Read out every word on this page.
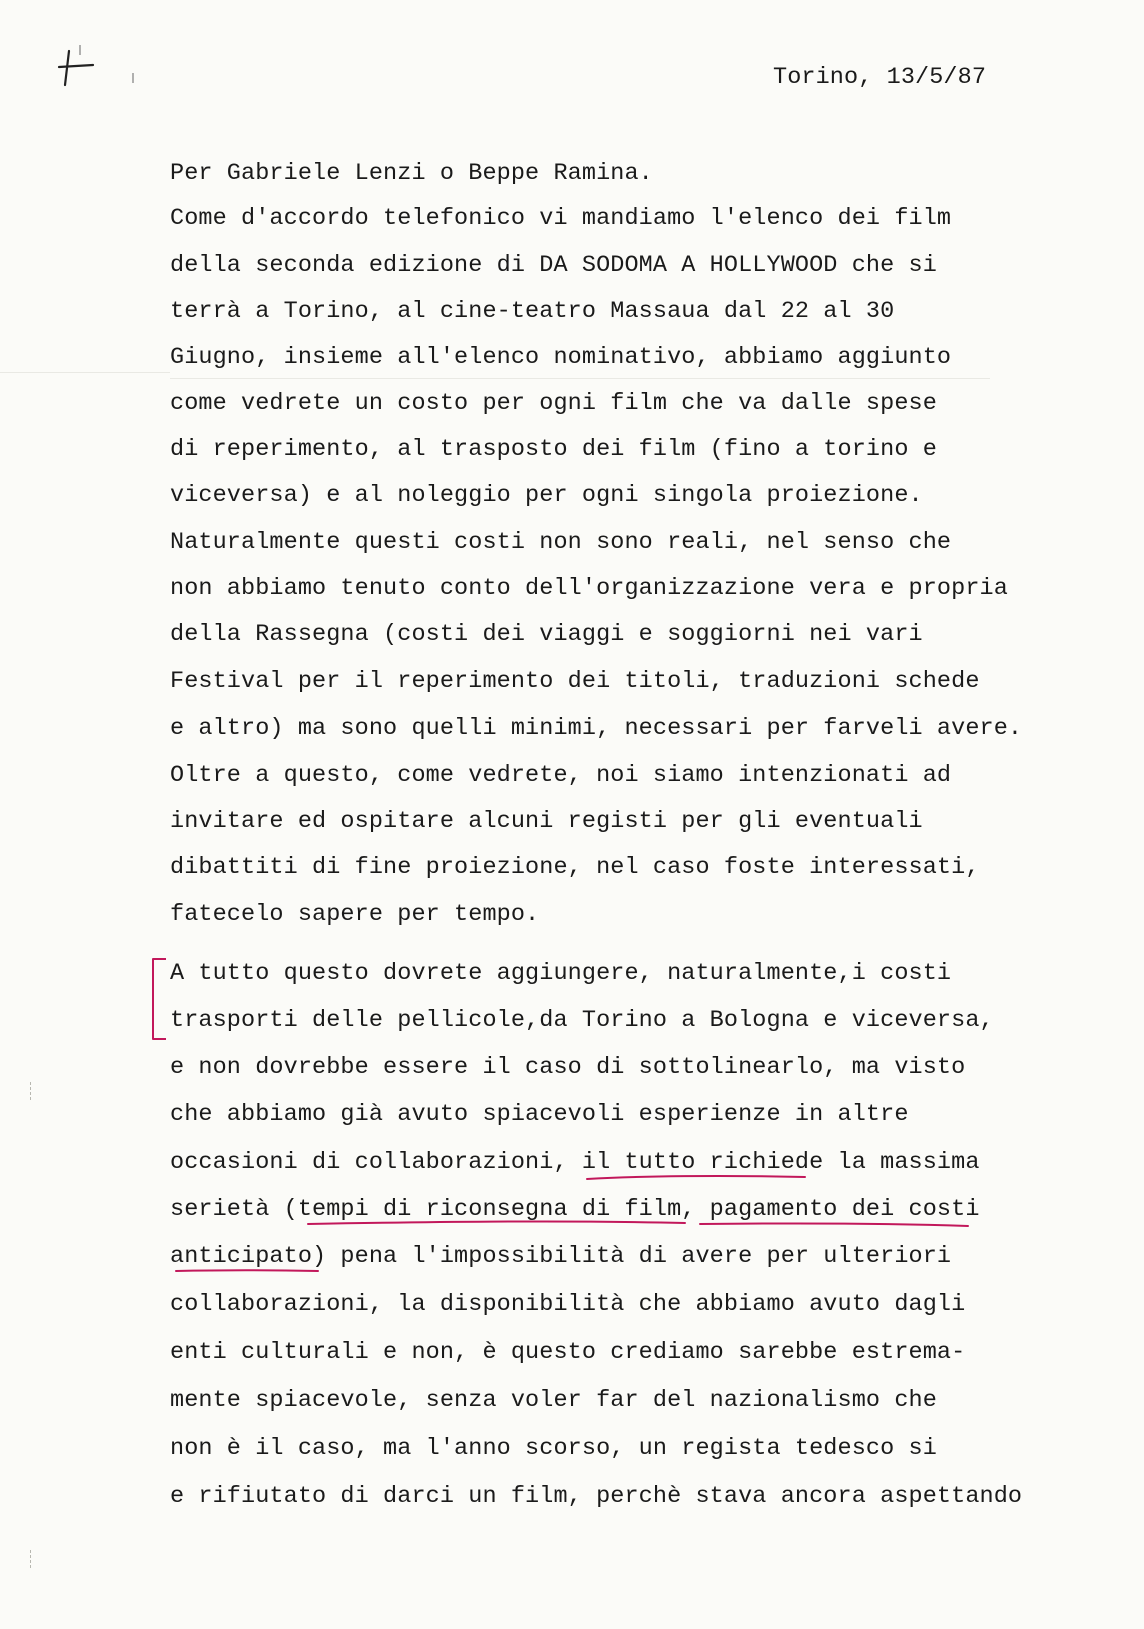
Torino, 13/5/87
Per Gabriele Lenzi o Beppe Ramina.
Come d'accordo telefonico vi mandiamo l'elenco dei film
della seconda edizione di DA SODOMA A HOLLYWOOD che si
terrà a Torino, al cine-teatro Massaua dal 22 al 30
Giugno, insieme all'elenco nominativo, abbiamo aggiunto
come vedrete un costo per ogni film che va dalle spese
di reperimento, al trasposto dei film (fino a torino e
viceversa) e al noleggio per ogni singola proiezione.
Naturalmente questi costi non sono reali, nel senso che
non abbiamo tenuto conto dell'organizzazione vera e propria
della Rassegna (costi dei viaggi e soggiorni nei vari
Festival per il reperimento dei titoli, traduzioni schede
e altro) ma sono quelli minimi, necessari per farveli avere.
Oltre a questo, come vedrete, noi siamo intenzionati ad
invitare ed ospitare alcuni registi per gli eventuali
dibattiti di fine proiezione, nel caso foste interessati,
fatecelo sapere per tempo.
A tutto questo dovrete aggiungere, naturalmente,i costi
trasporti delle pellicole,da Torino a Bologna e viceversa,
e non dovrebbe essere il caso di sottolinearlo, ma visto
che abbiamo già avuto spiacevoli esperienze in altre
occasioni di collaborazioni, il tutto richiede la massima
serietà (tempi di riconsegna di film, pagamento dei costi
anticipato) pena l'impossibilità di avere per ulteriori
collaborazioni, la disponibilità che abbiamo avuto dagli
enti culturali e non, è questo crediamo sarebbe estrema-
mente spiacevole, senza voler far del nazionalismo che
non è il caso, ma l'anno scorso, un regista tedesco si
e rifiutato di darci un film, perchè stava ancora aspettando
